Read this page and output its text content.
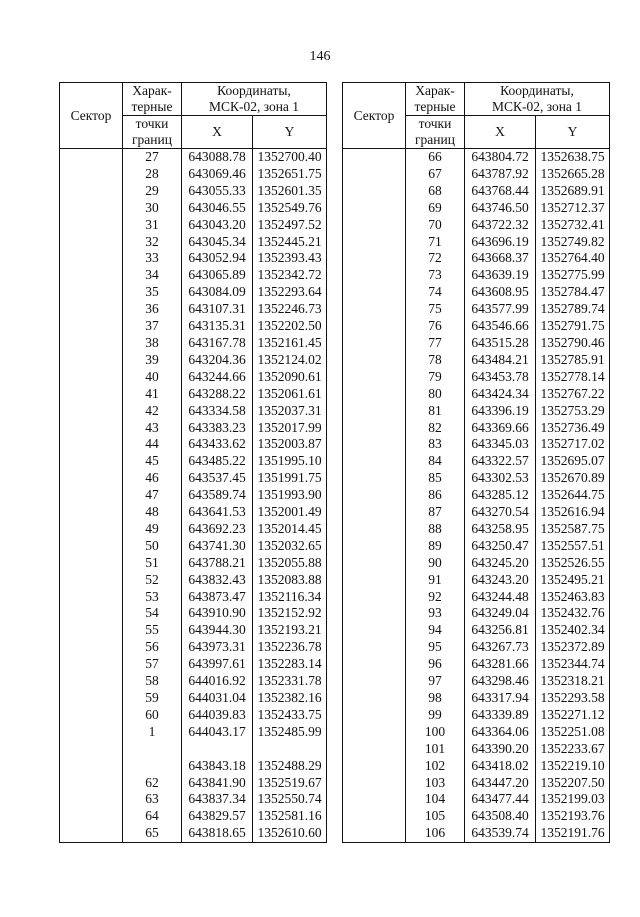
146
Сектор	Харак-
терные	Координаты,
МСК-02, зона 1	
	точки
границ	X	Y
	27	643088.78	1352700.40
	28	643069.46	1352651.75
	29	643055.33	1352601.35
	30	643046.55	1352549.76
	31	643043.20	1352497.52
	32	643045.34	1352445.21
	33	643052.94	1352393.43
	34	643065.89	1352342.72
	35	643084.09	1352293.64
	36	643107.31	1352246.73
	37	643135.31	1352202.50
	38	643167.78	1352161.45
	39	643204.36	1352124.02
	40	643244.66	1352090.61
	41	643288.22	1352061.61
	42	643334.58	1352037.31
	43	643383.23	1352017.99
	44	643433.62	1352003.87
	45	643485.22	1351995.10
	46	643537.45	1351991.75
	47	643589.74	1351993.90
	48	643641.53	1352001.49
	49	643692.23	1352014.45
	50	643741.30	1352032.65
	51	643788.21	1352055.88
	52	643832.43	1352083.88
	53	643873.47	1352116.34
	54	643910.90	1352152.92
	55	643944.30	1352193.21
	56	643973.31	1352236.78
	57	643997.61	1352283.14
	58	644016.92	1352331.78
	59	644031.04	1352382.16
	60	644039.83	1352433.75
	1	644043.17	1352485.99

		643843.18	1352488.29
	62	643841.90	1352519.67
	63	643837.34	1352550.74
	64	643829.57	1352581.16
	65	643818.65	1352610.60
Сектор	Харак-
терные	Координаты,
МСК-02, зона 1	
	точки
границ	X	Y
	66	643804.72	1352638.75
	67	643787.92	1352665.28
	68	643768.44	1352689.91
	69	643746.50	1352712.37
	70	643722.32	1352732.41
	71	643696.19	1352749.82
	72	643668.37	1352764.40
	73	643639.19	1352775.99
	74	643608.95	1352784.47
	75	643577.99	1352789.74
	76	643546.66	1352791.75
	77	643515.28	1352790.46
	78	643484.21	1352785.91
	79	643453.78	1352778.14
	80	643424.34	1352767.22
	81	643396.19	1352753.29
	82	643369.66	1352736.49
	83	643345.03	1352717.02
	84	643322.57	1352695.07
	85	643302.53	1352670.89
	86	643285.12	1352644.75
	87	643270.54	1352616.94
	88	643258.95	1352587.75
	89	643250.47	1352557.51
	90	643245.20	1352526.55
	91	643243.20	1352495.21
	92	643244.48	1352463.83
	93	643249.04	1352432.76
	94	643256.81	1352402.34
	95	643267.73	1352372.89
	96	643281.66	1352344.74
	97	643298.46	1352318.21
	98	643317.94	1352293.58
	99	643339.89	1352271.12
	100	643364.06	1352251.08
	101	643390.20	1352233.67
	102	643418.02	1352219.10
	103	643447.20	1352207.50
	104	643477.44	1352199.03
	105	643508.40	1352193.76
	106	643539.74	1352191.76
